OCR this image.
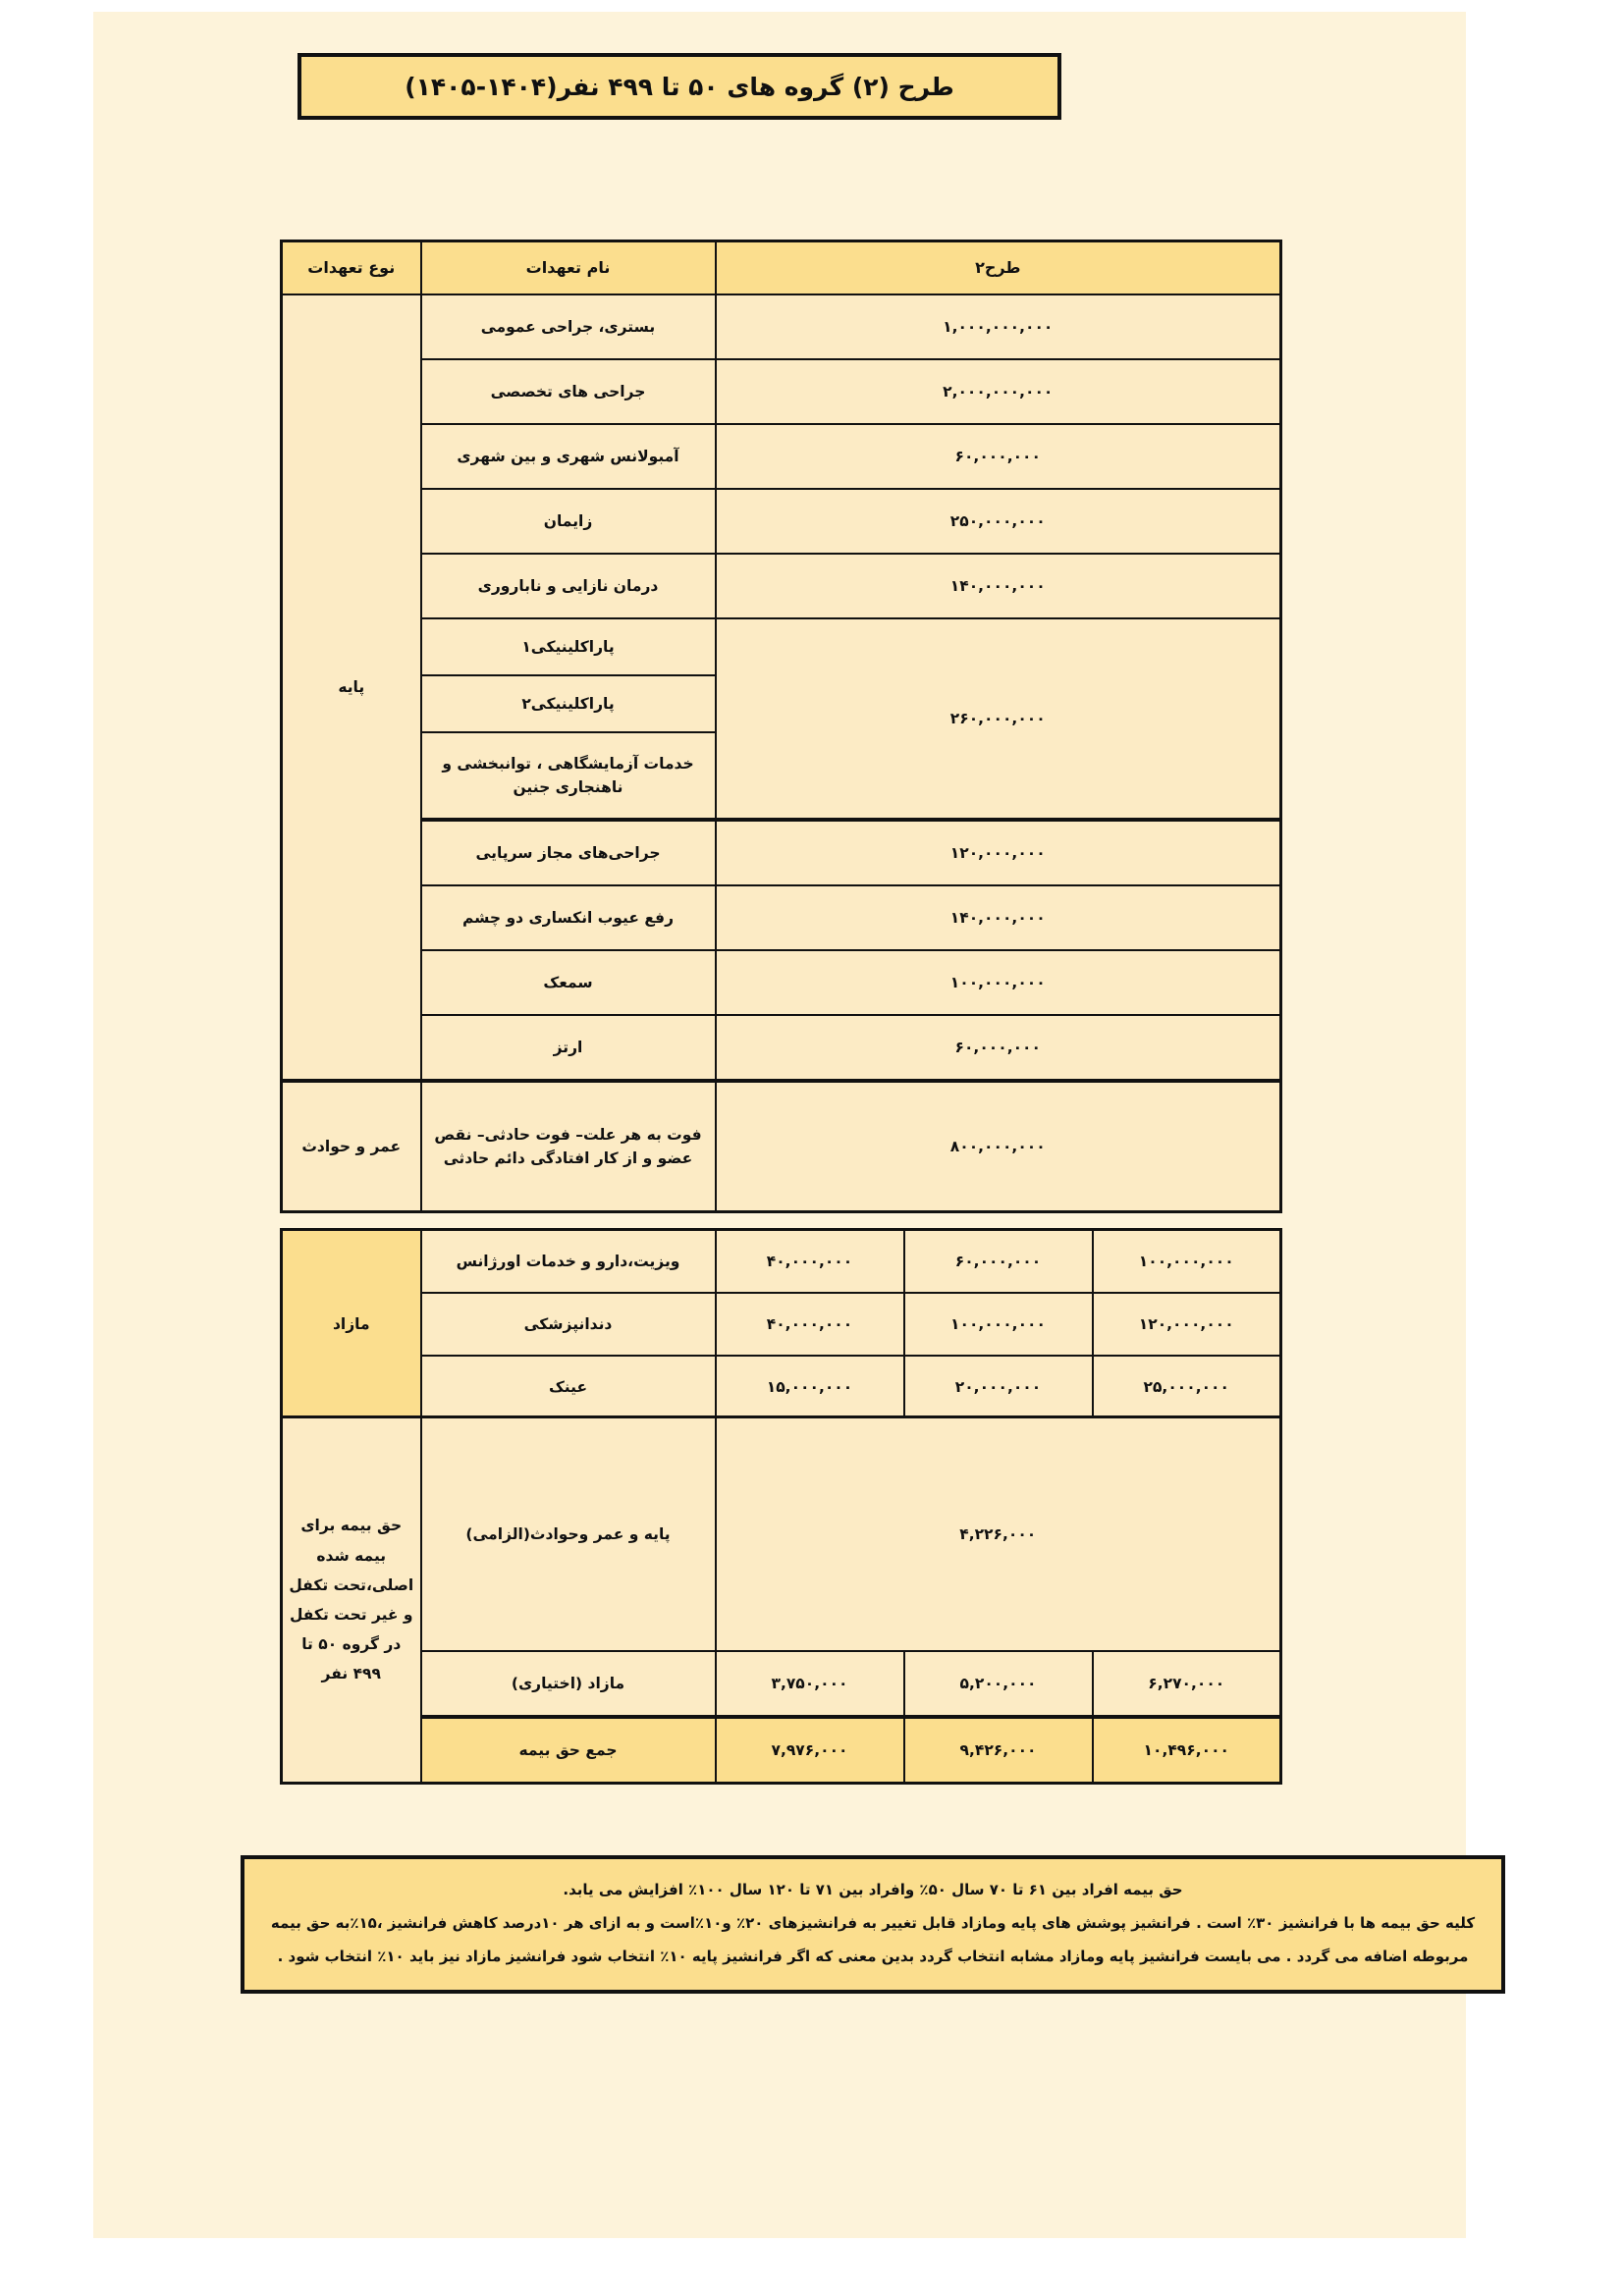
طرح (۲) گروه های ۵۰ تا ۴۹۹ نفر(۱۴۰۴-۱۴۰۵)
طرح۲	نام تعهدات	نوع تعهدات
۱,۰۰۰,۰۰۰,۰۰۰	بستری، جراحی عمومی	پایه
۲,۰۰۰,۰۰۰,۰۰۰	جراحی های تخصصی	
۶۰,۰۰۰,۰۰۰	آمبولانس شهری و بین شهری	
۲۵۰,۰۰۰,۰۰۰	زایمان	
۱۴۰,۰۰۰,۰۰۰	درمان نازایی و ناباروری	
۲۶۰,۰۰۰,۰۰۰	پاراکلینیکی۱	
	پاراکلینیکی۲	
	خدمات آزمایشگاهی ، توانبخشی و ناهنجاری جنین	
۱۲۰,۰۰۰,۰۰۰	جراحی‌های مجاز سرپایی	
۱۴۰,۰۰۰,۰۰۰	رفع عیوب انکساری دو چشم	
۱۰۰,۰۰۰,۰۰۰	سمعک	
۶۰,۰۰۰,۰۰۰	ارتز	
۸۰۰,۰۰۰,۰۰۰	فوت به هر علت– فوت حادثی– نقص عضو و از کار افتادگی دائم حادثی	عمر و حوادث
۱۰۰,۰۰۰,۰۰۰	۶۰,۰۰۰,۰۰۰	۴۰,۰۰۰,۰۰۰	ویزیت،دارو و خدمات اورژانس	مازاد
۱۲۰,۰۰۰,۰۰۰	۱۰۰,۰۰۰,۰۰۰	۴۰,۰۰۰,۰۰۰	دندانپزشکی	
۲۵,۰۰۰,۰۰۰	۲۰,۰۰۰,۰۰۰	۱۵,۰۰۰,۰۰۰	عینک	
۴,۲۲۶,۰۰۰			پایه و عمر وحوادث(الزامی)	حق بیمه برای بیمه شده اصلی،تحت تکفل و غیر تحت تکفل در گروه ۵۰ تا ۴۹۹ نفر
۶,۲۷۰,۰۰۰	۵,۲۰۰,۰۰۰	۳,۷۵۰,۰۰۰	مازاد (اختیاری)	
۱۰,۴۹۶,۰۰۰	۹,۴۲۶,۰۰۰	۷,۹۷۶,۰۰۰	جمع حق بیمه	

حق بیمه افراد بین ۶۱ تا ۷۰ سال ۵۰٪ وافراد بین ۷۱ تا ۱۲۰ سال ۱۰۰٪ افزایش می یابد.

کلیه حق بیمه ها با فرانشیز ۳۰٪ است . فرانشیز پوشش های پایه ومازاد قابل تغییر به فرانشیزهای ۲۰٪ و۱۰٪است و به ازای هر ۱۰درصد کاهش فرانشیز ،۱۵٪به حق بیمه

مربوطه اضافه می گردد . می بایست فرانشیز پایه ومازاد مشابه انتخاب گردد بدین معنی که اگر فرانشیز پایه ۱۰٪ انتخاب شود فرانشیز مازاد نیز باید ۱۰٪ انتخاب شود .
